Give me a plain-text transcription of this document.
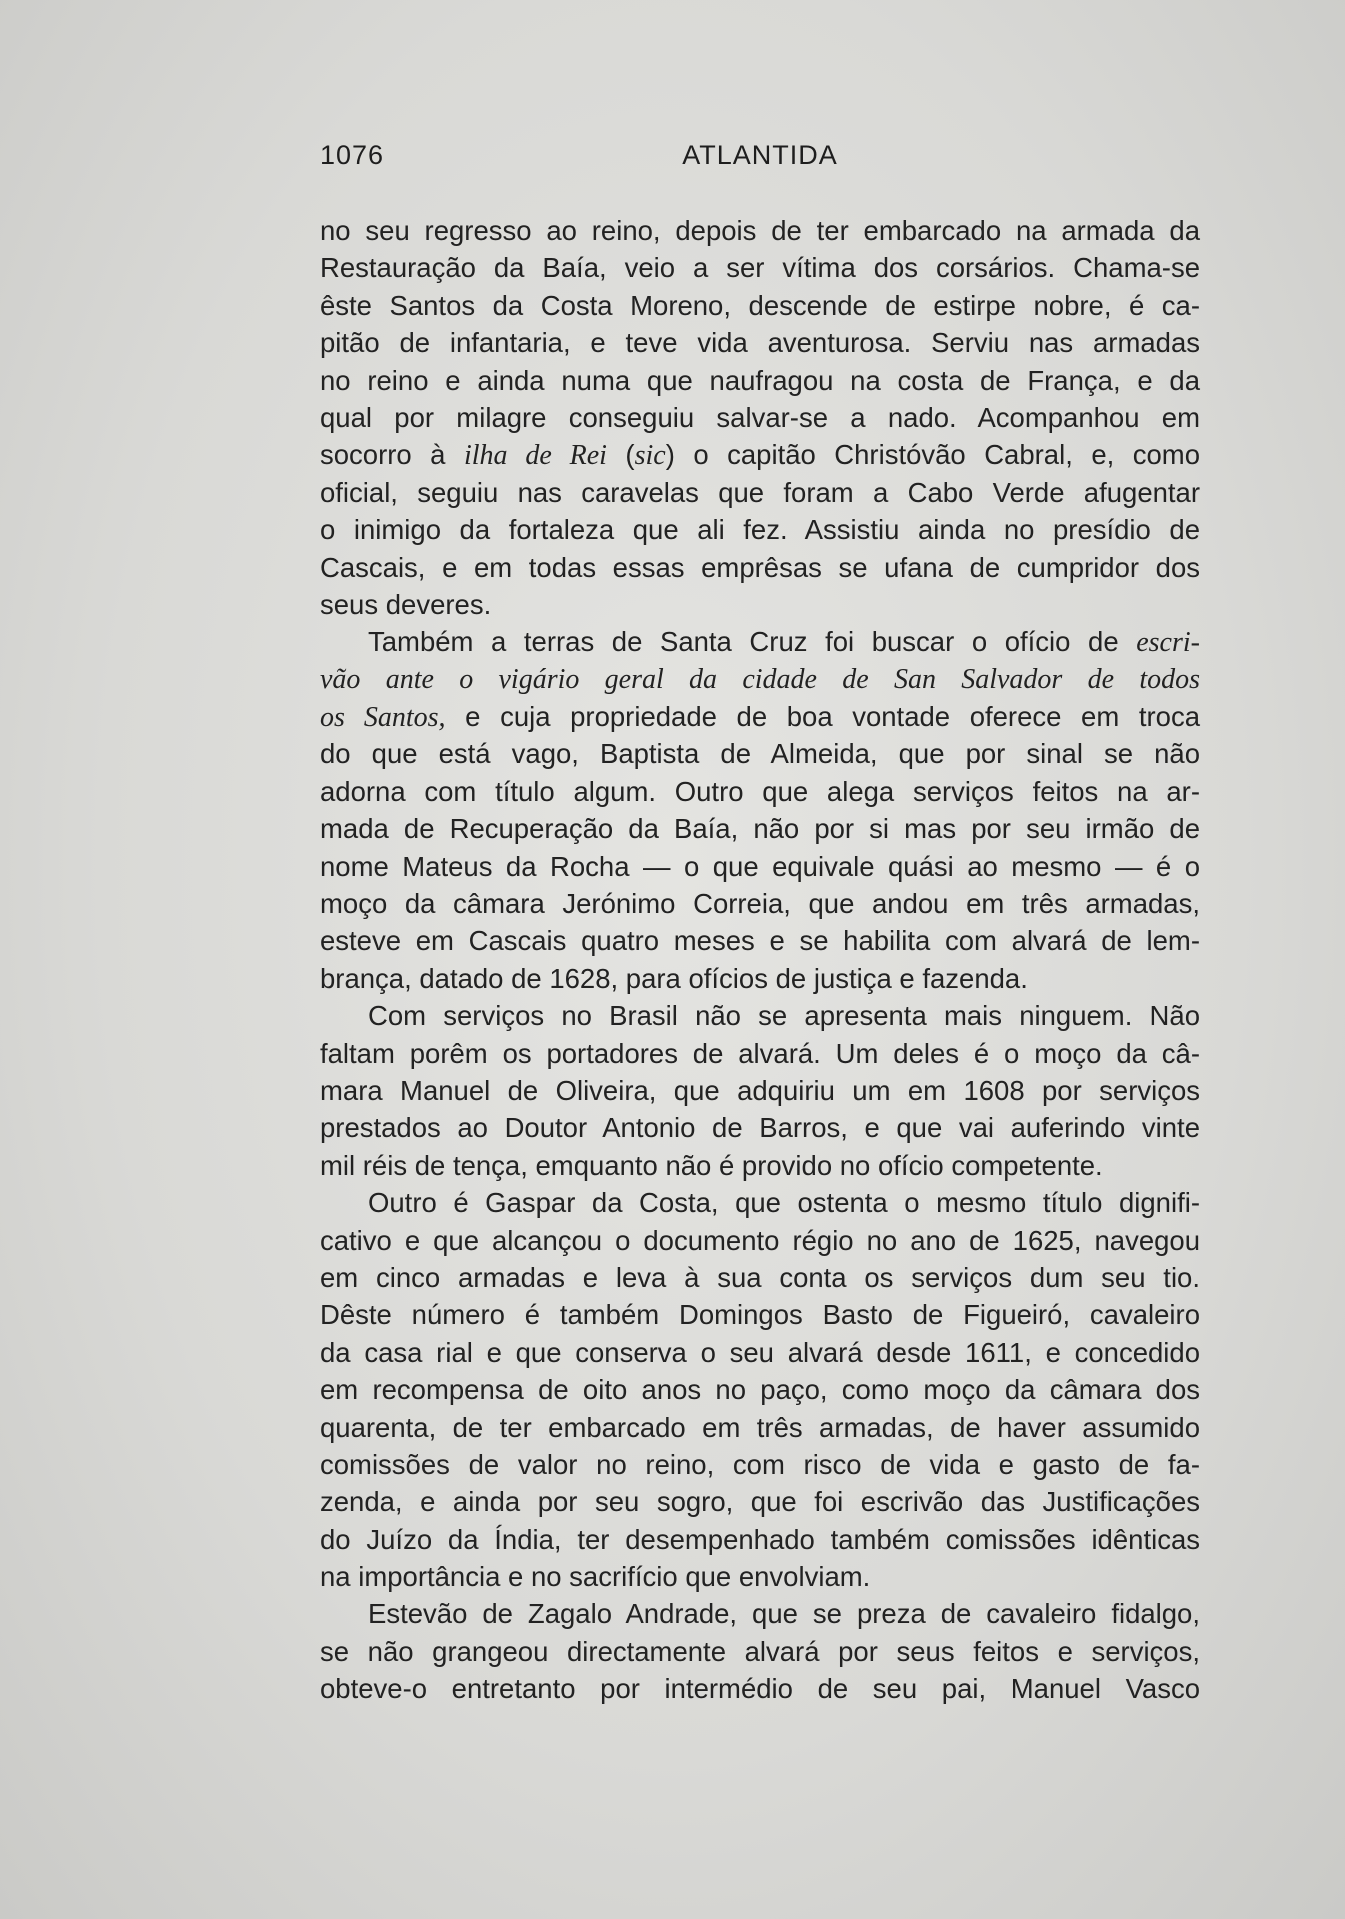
1076	ATLANTIDA
no seu regresso ao reino, depois de ter embarcado na armada da
Restauração da Baía, veio a ser vítima dos corsários. Chama-se
êste Santos da Costa Moreno, descende de estirpe nobre, é ca-
pitão de infantaria, e teve vida aventurosa. Serviu nas armadas
no reino e ainda numa que naufragou na costa de França, e da
qual por milagre conseguiu salvar-se a nado. Acompanhou em
socorro à ilha de Rei (sic) o capitão Christóvão Cabral, e, como
oficial, seguiu nas caravelas que foram a Cabo Verde afugentar
o inimigo da fortaleza que ali fez. Assistiu ainda no presídio de
Cascais, e em todas essas emprêsas se ufana de cumpridor dos
seus deveres.
Também a terras de Santa Cruz foi buscar o ofício de escri-
vão ante o vigário geral da cidade de San Salvador de todos
os Santos, e cuja propriedade de boa vontade oferece em troca
do que está vago, Baptista de Almeida, que por sinal se não
adorna com título algum. Outro que alega serviços feitos na ar-
mada de Recuperação da Baía, não por si mas por seu irmão de
nome Mateus da Rocha — o que equivale quási ao mesmo — é o
moço da câmara Jerónimo Correia, que andou em três armadas,
esteve em Cascais quatro meses e se habilita com alvará de lem-
brança, datado de 1628, para ofícios de justiça e fazenda.
Com serviços no Brasil não se apresenta mais ninguem. Não
faltam porêm os portadores de alvará. Um deles é o moço da câ-
mara Manuel de Oliveira, que adquiriu um em 1608 por serviços
prestados ao Doutor Antonio de Barros, e que vai auferindo vinte
mil réis de tença, emquanto não é provido no ofício competente.
Outro é Gaspar da Costa, que ostenta o mesmo título dignifi-
cativo e que alcançou o documento régio no ano de 1625, navegou
em cinco armadas e leva à sua conta os serviços dum seu tio.
Dêste número é também Domingos Basto de Figueiró, cavaleiro
da casa rial e que conserva o seu alvará desde 1611, e concedido
em recompensa de oito anos no paço, como moço da câmara dos
quarenta, de ter embarcado em três armadas, de haver assumido
comissões de valor no reino, com risco de vida e gasto de fa-
zenda, e ainda por seu sogro, que foi escrivão das Justificações
do Juízo da Índia, ter desempenhado também comissões idênticas
na importância e no sacrifício que envolviam.
Estevão de Zagalo Andrade, que se preza de cavaleiro fidalgo,
se não grangeou directamente alvará por seus feitos e serviços,
obteve-o entretanto por intermédio de seu pai, Manuel Vasco
